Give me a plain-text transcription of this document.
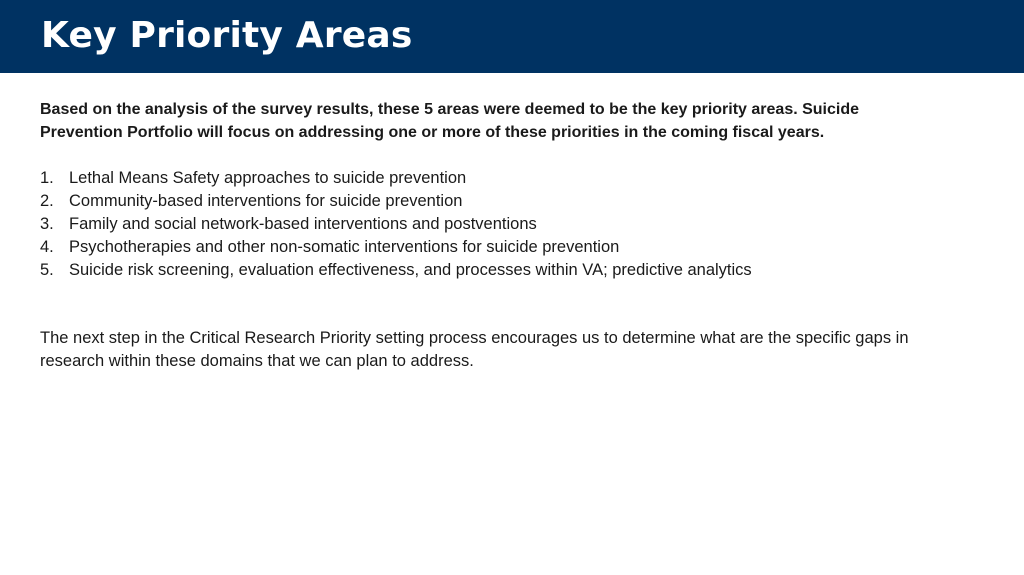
Key Priority Areas

Based on the analysis of the survey results, these 5 areas were deemed to be the key priority areas. Suicide Prevention Portfolio will focus on addressing one or more of these priorities in the coming fiscal years.

1. Lethal Means Safety approaches to suicide prevention
2. Community-based interventions for suicide prevention
3. Family and social network-based interventions and postventions
4. Psychotherapies and other non-somatic interventions for suicide prevention
5. Suicide risk screening, evaluation effectiveness, and processes within VA; predictive analytics

The next step in the Critical Research Priority setting process encourages us to determine what are the specific gaps in research within these domains that we can plan to address.
